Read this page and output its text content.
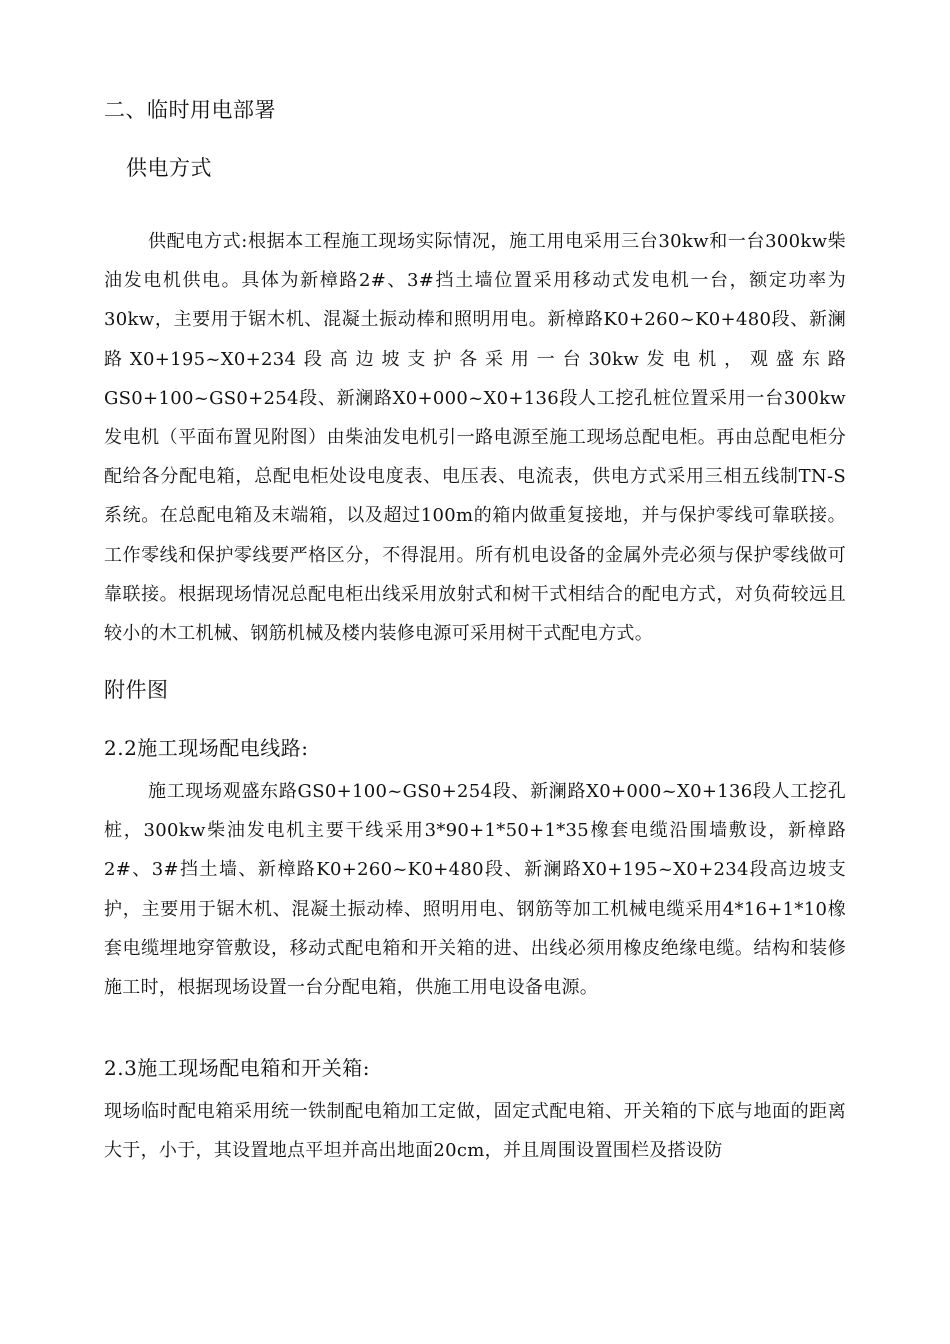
二、临时用电部署
供电方式
供配电方式:根据本工程施工现场实际情况，施工用电采用三台30kw和一台300kw柴油发电机供电。具体为新樟路2#、3#挡土墙位置采用移动式发电机一台，额定功率为30kw，主要用于锯木机、混凝土振动棒和照明用电。新樟路K0+260~K0+480段、新澜路X0+195~X0+234段高边坡支护各采用一台30kw发电机，观盛东路GS0+100~GS0+254段、新澜路X0+000~X0+136段人工挖孔桩位置采用一台300kw发电机（平面布置见附图）由柴油发电机引一路电源至施工现场总配电柜。再由总配电柜分配给各分配电箱，总配电柜处设电度表、电压表、电流表，供电方式采用三相五线制TN-S系统。在总配电箱及末端箱，以及超过100m的箱内做重复接地，并与保护零线可靠联接。工作零线和保护零线要严格区分，不得混用。所有机电设备的金属外壳必须与保护零线做可靠联接。根据现场情况总配电柜出线采用放射式和树干式相结合的配电方式，对负荷较远且较小的木工机械、钢筋机械及楼内装修电源可采用树干式配电方式。
附件图
2.2施工现场配电线路:
施工现场观盛东路GS0+100~GS0+254段、新澜路X0+000~X0+136段人工挖孔桩，300kw柴油发电机主要干线采用3*90+1*50+1*35橡套电缆沿围墙敷设，新樟路2#、3#挡土墙、新樟路K0+260~K0+480段、新澜路X0+195~X0+234段高边坡支护，主要用于锯木机、混凝土振动棒、照明用电、钢筋等加工机械电缆采用4*16+1*10橡套电缆埋地穿管敷设，移动式配电箱和开关箱的进、出线必须用橡皮绝缘电缆。结构和装修施工时，根据现场设置一台分配电箱，供施工用电设备电源。
2.3施工现场配电箱和开关箱:
现场临时配电箱采用统一铁制配电箱加工定做，固定式配电箱、开关箱的下底与地面的距离大于，小于，其设置地点平坦并高出地面20cm，并且周围设置围栏及搭设防
